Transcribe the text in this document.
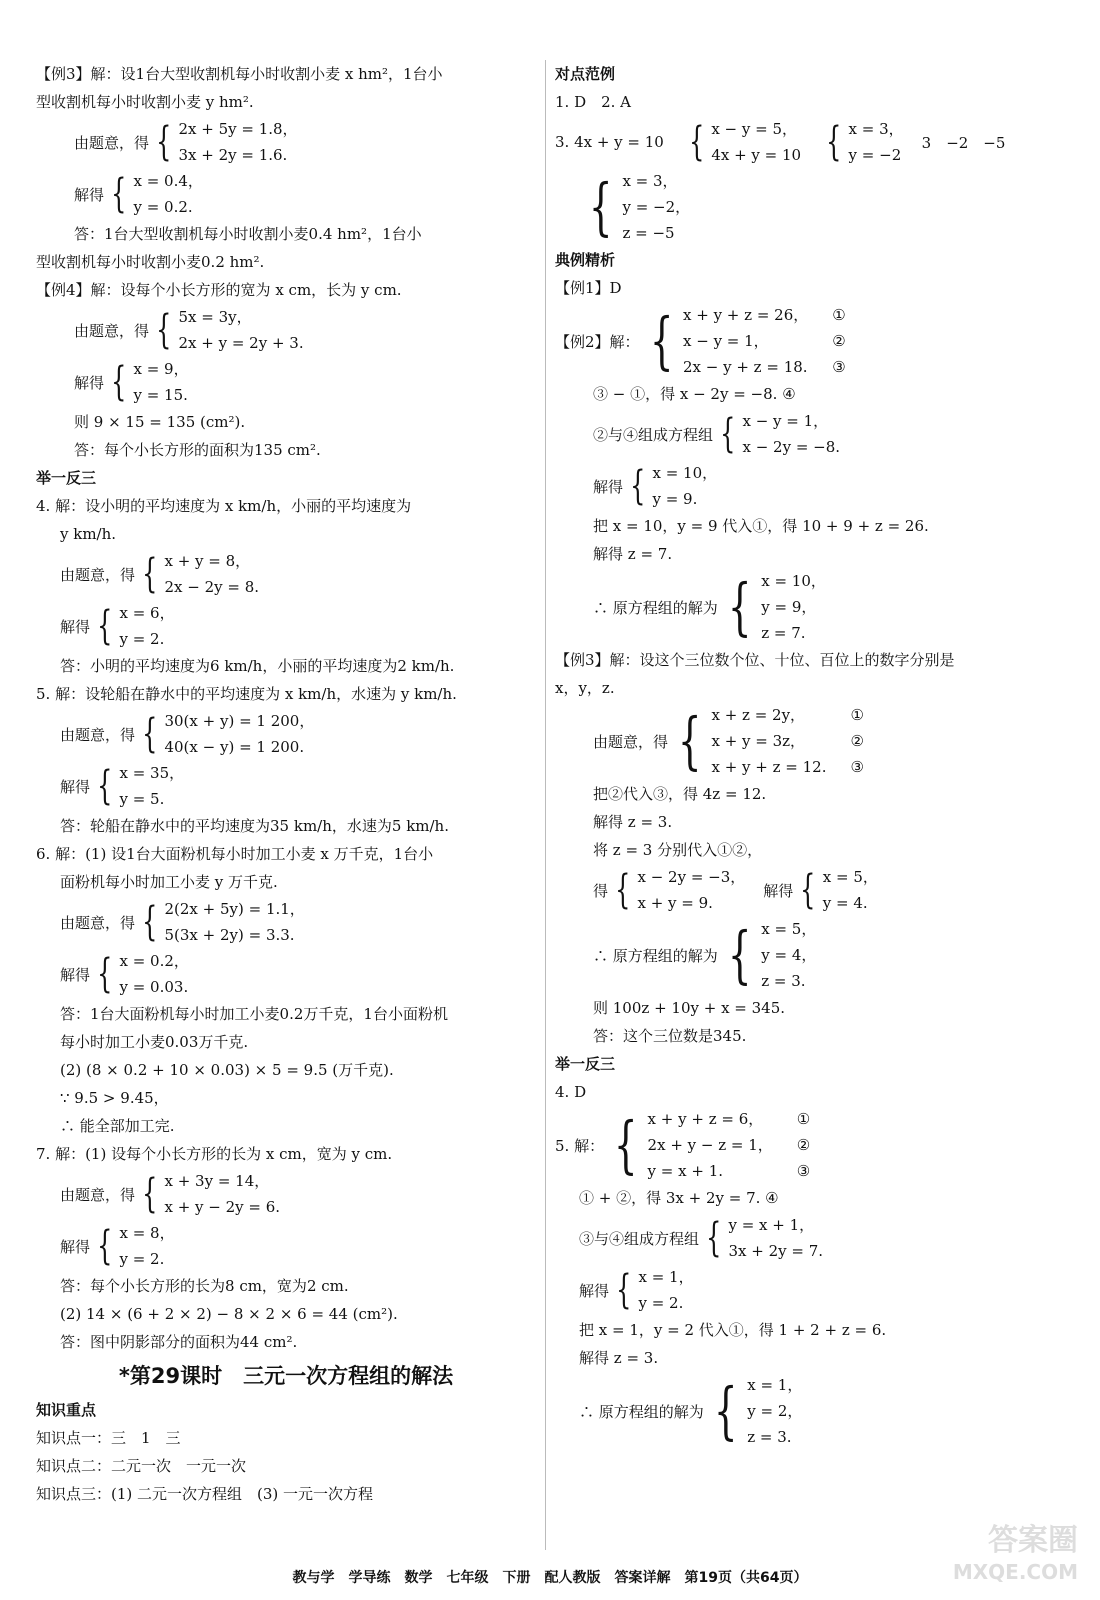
【例3】解：设1台大型收割机每小时收割小麦 x hm²，1台小
型收割机每小时收割小麦 y hm².
由题意，得 { 2x + 5y = 1.8，
3x + 2y = 1.6.
解得 { x = 0.4，
y = 0.2.
答：1台大型收割机每小时收割小麦0.4 hm²，1台小
型收割机每小时收割小麦0.2 hm².
【例4】解：设每个小长方形的宽为 x cm，长为 y cm.
由题意，得 { 5x = 3y，
2x + y = 2y + 3.
解得 { x = 9，
y = 15.
则 9 × 15 = 135 (cm²).
答：每个小长方形的面积为135 cm².
举一反三
4. 解：设小明的平均速度为 x km/h，小丽的平均速度为
y km/h.
由题意，得 { x + y = 8，
2x − 2y = 8.
解得 { x = 6，
y = 2.
答：小明的平均速度为6 km/h，小丽的平均速度为2 km/h.
5. 解：设轮船在静水中的平均速度为 x km/h，水速为 y km/h.
由题意，得 { 30(x + y) = 1 200，
40(x − y) = 1 200.
解得 { x = 35，
y = 5.
答：轮船在静水中的平均速度为35 km/h，水速为5 km/h.
6. 解：(1) 设1台大面粉机每小时加工小麦 x 万千克，1台小
面粉机每小时加工小麦 y 万千克.
由题意，得 { 2(2x + 5y) = 1.1，
5(3x + 2y) = 3.3.
解得 { x = 0.2，
y = 0.03.
答：1台大面粉机每小时加工小麦0.2万千克，1台小面粉机
每小时加工小麦0.03万千克.
(2) (8 × 0.2 + 10 × 0.03) × 5 = 9.5 (万千克).
∵ 9.5 > 9.45，
∴ 能全部加工完.
7. 解：(1) 设每个小长方形的长为 x cm，宽为 y cm.
由题意，得 { x + 3y = 14，
x + y − 2y = 6.
解得 { x = 8，
y = 2.
答：每个小长方形的长为8 cm，宽为2 cm.
(2) 14 × (6 + 2 × 2) − 8 × 2 × 6 = 44 (cm²).
答：图中阴影部分的面积为44 cm².
*第29课时　三元一次方程组的解法
知识重点
知识点一：三　1　三
知识点二：二元一次　一元一次
知识点三：(1) 二元一次方程组　(3) 一元一次方程
对点范例
1. D　2. A
3. 4x + y = 10 { x − y = 5，
4x + y = 10 { x = 3，
y = −2
3　−2　−5
{ x = 3，
y = −2，
z = −5
典例精析
【例1】D
【例2】解： { x + y + z = 26，
x − y = 1，
2x − y + z = 18.
①
②
③
③ − ①，得 x − 2y = −8. ④
②与④组成方程组 { x − y = 1，
x − 2y = −8.
解得 { x = 10，
y = 9.
把 x = 10，y = 9 代入①，得 10 + 9 + z = 26.
解得 z = 7.
∴ 原方程组的解为 { x = 10，
y = 9，
z = 7.
【例3】解：设这个三位数个位、十位、百位上的数字分别是
x，y，z.
由题意，得 { x + z = 2y，
x + y = 3z，
x + y + z = 12.
①
②
③
把②代入③，得 4z = 12.
解得 z = 3.
将 z = 3 分别代入①②，
得 { x − 2y = −3，
x + y = 9.
解得 { x = 5，
y = 4.
∴ 原方程组的解为 { x = 5，
y = 4，
z = 3.
则 100z + 10y + x = 345.
答：这个三位数是345.
举一反三
4. D
5. 解： { x + y + z = 6，
2x + y − z = 1，
y = x + 1.
①
②
③
① + ②，得 3x + 2y = 7. ④
③与④组成方程组 { y = x + 1，
3x + 2y = 7.
解得 { x = 1，
y = 2.
把 x = 1，y = 2 代入①，得 1 + 2 + z = 6.
解得 z = 3.
∴ 原方程组的解为 { x = 1，
y = 2，
z = 3.
教与学　学导练　数学　七年级　下册　配人教版　答案详解　第19页（共64页）
答案圈
MXQE.COM
